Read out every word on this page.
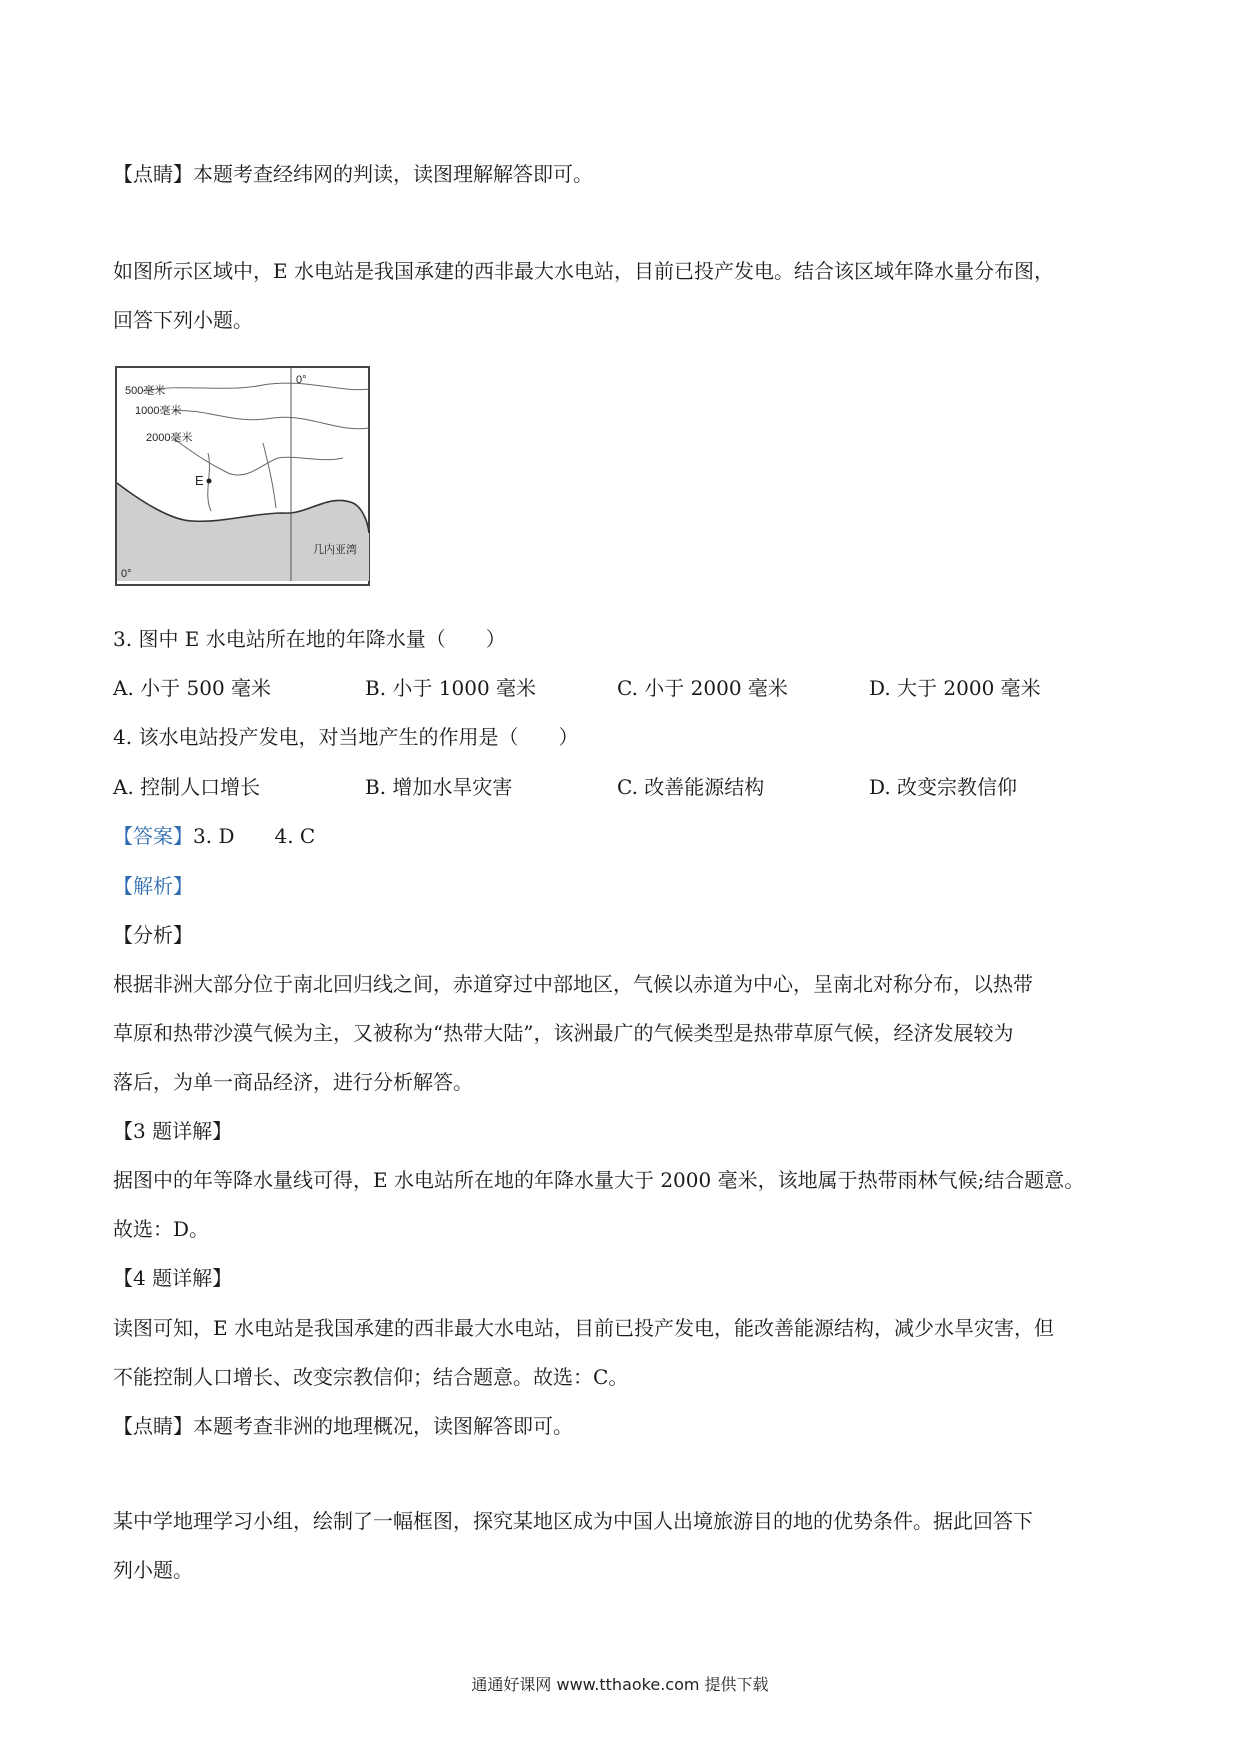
【点睛】本题考查经纬网的判读，读图理解解答即可。
如图所示区域中，E 水电站是我国承建的西非最大水电站，目前已投产发电。结合该区域年降水量分布图，
回答下列小题。
500毫米
1000毫米
2000毫米
E
0°
0°
几内亚湾
3. 图中 E 水电站所在地的年降水量（　　）
A. 小于 500 毫米	B. 小于 1000 毫米	C. 小于 2000 毫米	D. 大于 2000 毫米
4. 该水电站投产发电，对当地产生的作用是（　　）
A. 控制人口增长	B. 增加水旱灾害	C. 改善能源结构	D. 改变宗教信仰
【答案】3. D　　4. C
【解析】
【分析】
根据非洲大部分位于南北回归线之间，赤道穿过中部地区，气候以赤道为中心，呈南北对称分布，以热带
草原和热带沙漠气候为主，又被称为“热带大陆”，该洲最广的气候类型是热带草原气候，经济发展较为
落后，为单一商品经济，进行分析解答。
【3 题详解】
据图中的年等降水量线可得，E 水电站所在地的年降水量大于 2000 毫米，该地属于热带雨林气候;结合题意。
故选：D。
【4 题详解】
读图可知，E 水电站是我国承建的西非最大水电站，目前已投产发电，能改善能源结构，减少水旱灾害，但
不能控制人口增长、改变宗教信仰；结合题意。故选：C。
【点睛】本题考查非洲的地理概况，读图解答即可。
某中学地理学习小组，绘制了一幅框图，探究某地区成为中国人出境旅游目的地的优势条件。据此回答下
列小题。
通通好课网 www.tthaoke.com 提供下载
